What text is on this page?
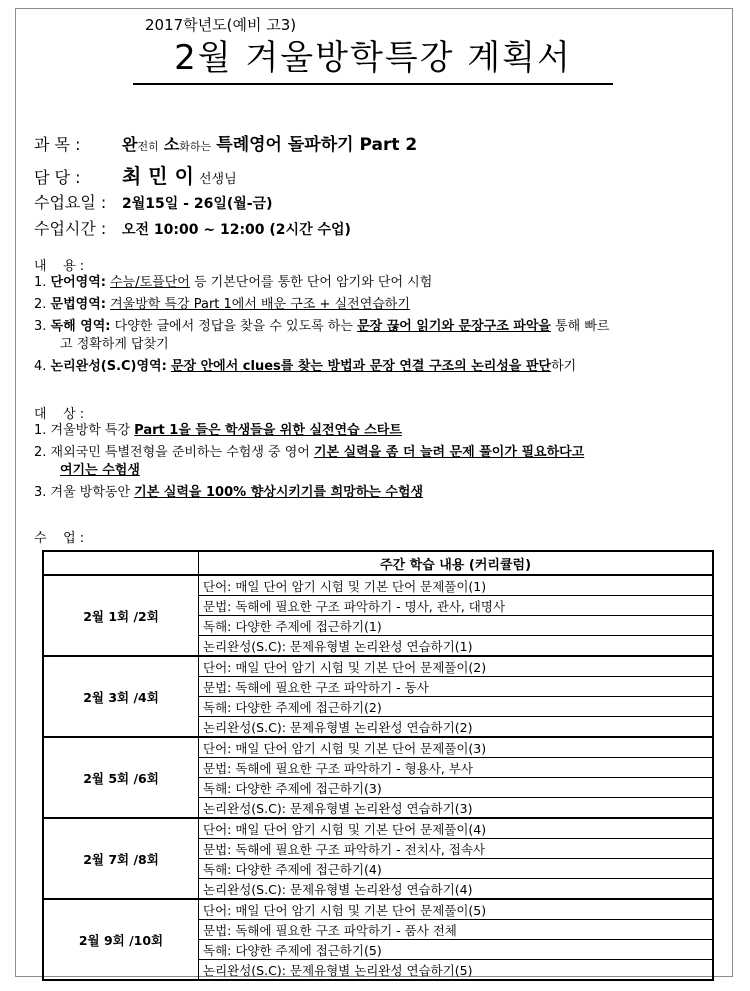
2017학년도(예비 고3)
2월 겨울방학특강 계획서
과 목 :	완전히 소화하는 특례영어 돌파하기 Part 2
담 당 : 최 민 이 선생님
수업요일 : 2월15일 - 26일(월-금)
수업시간 : 오전 10:00 ~ 12:00 (2시간 수업)
내    용 :
1. 단어영역: 수능/토플단어 등 기본단어를 통한 단어 암기와 단어 시험
2. 문법영역: 겨울방학 특강 Part 1에서 배운 구조 + 실전연습하기
3. 독해 영역: 다양한 글에서 정답을 찾을 수 있도록 하는 문장 끊어 읽기와 문장구조 파악을 통해 빠르
고 정확하게 답찾기
4. 논리완성(S.C)영역: 문장 안에서 clues를 찾는 방법과 문장 연결 구조의 논리성을 판단하기
대    상 :
1. 겨울방학 특강 Part 1을 들은 학생들을 위한 실전연습 스타트
2. 재외국민 특별전형을 준비하는 수험생 중 영어 기본 실력을 좀 더 늘려 문제 풀이가 필요하다고
여기는 수험생
3. 겨울 방학동안 기본 실력을 100% 향상시키기를 희망하는 수험생
수    업 :
	주간 학습 내용 (커리큘럼)
2월 1회 /2회	단어: 매일 단어 암기 시험 및 기본 단어 문제풀이(1)
	문법: 독해에 필요한 구조 파악하기 - 명사, 관사, 대명사
	독해: 다양한 주제에 접근하기(1)
	논리완성(S.C): 문제유형별 논리완성 연습하기(1)
2월 3회 /4회	단어: 매일 단어 암기 시험 및 기본 단어 문제풀이(2)
	문법: 독해에 필요한 구조 파악하기 - 동사
	독해: 다양한 주제에 접근하기(2)
	논리완성(S.C): 문제유형별 논리완성 연습하기(2)
2월 5회 /6회	단어: 매일 단어 암기 시험 및 기본 단어 문제풀이(3)
	문법: 독해에 필요한 구조 파악하기 - 형용사, 부사
	독해: 다양한 주제에 접근하기(3)
	논리완성(S.C): 문제유형별 논리완성 연습하기(3)
2월 7회 /8회	단어: 매일 단어 암기 시험 및 기본 단어 문제풀이(4)
	문법: 독해에 필요한 구조 파악하기 - 전치사, 접속사
	독해: 다양한 주제에 접근하기(4)
	논리완성(S.C): 문제유형별 논리완성 연습하기(4)
2월 9회 /10회	단어: 매일 단어 암기 시험 및 기본 단어 문제풀이(5)
	문법: 독해에 필요한 구조 파악하기 - 품사 전체
	독해: 다양한 주제에 접근하기(5)
	논리완성(S.C): 문제유형별 논리완성 연습하기(5)
